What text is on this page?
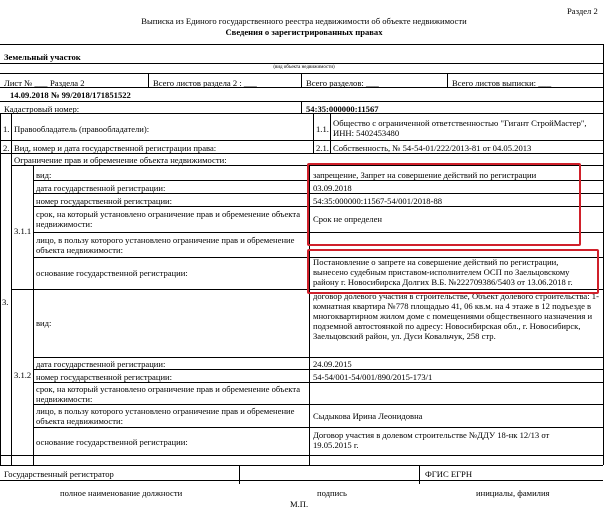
Раздел 2
Выписка из Единого государственного реестра недвижимости об объекте недвижимости
Сведения о зарегистрированных правах
Земельный участок
(вид объекта недвижимости)
Лист № ___ Раздела 2	Всего листов раздела 2 : ___	Всего разделов: ___	Всего листов выписки: ___
14.09.2018 № 99/2018/171851522
Кадастровый номер:	54:35:000000:11567
1. Правообладатель (правообладатели):	1.1.
Общество с ограниченной ответственностью "Гигант СтройМастер", ИНН: 5402453480
2. Вид, номер и дата государственной регистрации права:	2.1. Собственность, № 54-54-01/222/2013-81 от 04.05.2013
Ограничение прав и обременение объекта недвижимости:
3.
3.1.1
вид:	запрещение, Запрет на совершение действий по регистрации
дата государственной регистрации:	03.09.2018
номер государственной регистрации:	54:35:000000:11567-54/001/2018-88
срок, на который установлено ограничение прав и обременение объекта недвижимости:	Срок не определен
лицо, в пользу которого установлено ограничение прав и обременение объекта недвижимости:
основание государственной регистрации:
Постановление о запрете на совершение действий по регистрации, вынесено судебным приставом-исполнителем ОСП по Заельцовскому району г. Новосибирска Долгих В.Б. №222709386/5403 от 13.06.2018 г.
3.1.2
вид:
договор долевого участия в строительстве, Объект долевого строительства: 1-комнатная квартира №778 площадью 41, 06 кв.м. на 4 этаже в 12 подъезде в многоквартирном жилом доме с помещениями общественного назначения и подземной автостоянкой по адресу: Новосибирская обл., г. Новосибирск, Заельцовский район, ул. Дуси Ковальчук, 258 стр.
дата государственной регистрации:	24.09.2015
номер государственной регистрации:	54-54/001-54/001/890/2015-173/1
срок, на который установлено ограничение прав и обременение объекта недвижимости:
лицо, в пользу которого установлено ограничение прав и обременение объекта недвижимости:	Сыдыкова Ирина Леонидовна
основание государственной регистрации:
Договор участия в долевом строительстве №ДДУ 18-нк 12/13 от 19.05.2015 г.
Государственный регистратор	ФГИС ЕГРН
полное наименование должности	подпись	инициалы, фамилия
М.П.
